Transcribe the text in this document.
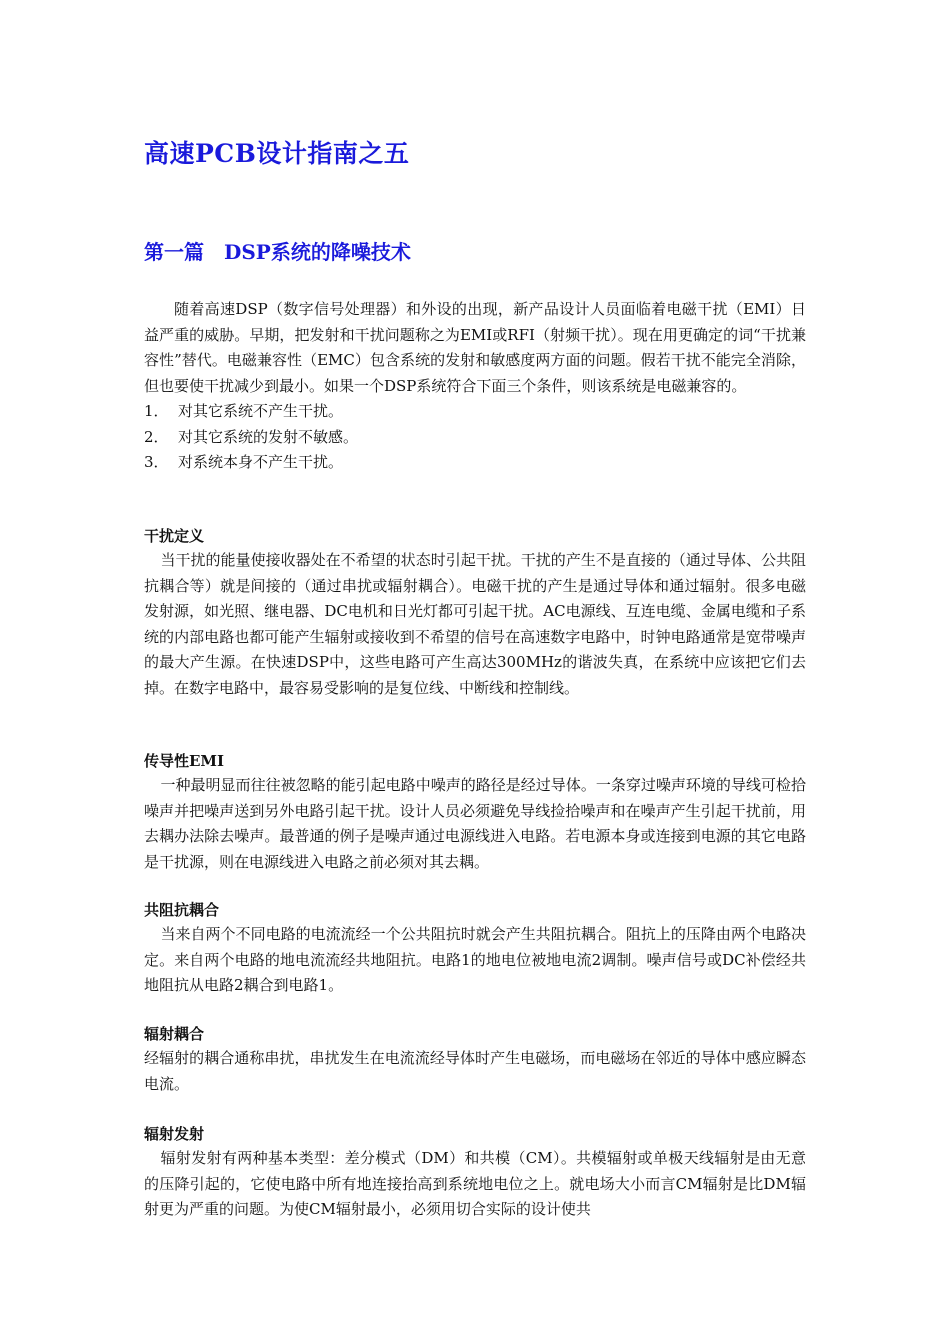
高速PCB设计指南之五
第一篇　DSP系统的降噪技术

随着高速DSP（数字信号处理器）和外设的出现，新产品设计人员面临着电磁干扰（EMI）日益严重的威胁。早期，把发射和干扰问题称之为EMI或RFI（射频干扰）。现在用更确定的词“干扰兼容性”替代。电磁兼容性（EMC）包含系统的发射和敏感度两方面的问题。假若干扰不能完全消除，但也要使干扰减少到最小。如果一个DSP系统符合下面三个条件，则该系统是电磁兼容的。

1． 对其它系统不产生干扰。
2． 对其它系统的发射不敏感。
3． 对系统本身不产生干扰。
干扰定义

当干扰的能量使接收器处在不希望的状态时引起干扰。干扰的产生不是直接的（通过导体、公共阻抗耦合等）就是间接的（通过串扰或辐射耦合）。电磁干扰的产生是通过导体和通过辐射。很多电磁发射源，如光照、继电器、DC电机和日光灯都可引起干扰。AC电源线、互连电缆、金属电缆和子系统的内部电路也都可能产生辐射或接收到不希望的信号在高速数字电路中，时钟电路通常是宽带噪声的最大产生源。在快速DSP中，这些电路可产生高达300MHz的谐波失真，在系统中应该把它们去掉。在数字电路中，最容易受影响的是复位线、中断线和控制线。

传导性EMI

一种最明显而往往被忽略的能引起电路中噪声的路径是经过导体。一条穿过噪声环境的导线可检拾噪声并把噪声送到另外电路引起干扰。设计人员必须避免导线捡拾噪声和在噪声产生引起干扰前，用去耦办法除去噪声。最普通的例子是噪声通过电源线进入电路。若电源本身或连接到电源的其它电路是干扰源，则在电源线进入电路之前必须对其去耦。

共阻抗耦合

当来自两个不同电路的电流流经一个公共阻抗时就会产生共阻抗耦合。阻抗上的压降由两个电路决定。来自两个电路的地电流流经共地阻抗。电路1的地电位被地电流2调制。噪声信号或DC补偿经共地阻抗从电路2耦合到电路1。

辐射耦合

经辐射的耦合通称串扰，串扰发生在电流流经导体时产生电磁场，而电磁场在邻近的导体中感应瞬态电流。

辐射发射

辐射发射有两种基本类型：差分模式（DM）和共模（CM）。共模辐射或单极天线辐射是由无意的压降引起的，它使电路中所有地连接抬高到系统地电位之上。就电场大小而言CM辐射是比DM辐射更为严重的问题。为使CM辐射最小，必须用切合实际的设计使共
